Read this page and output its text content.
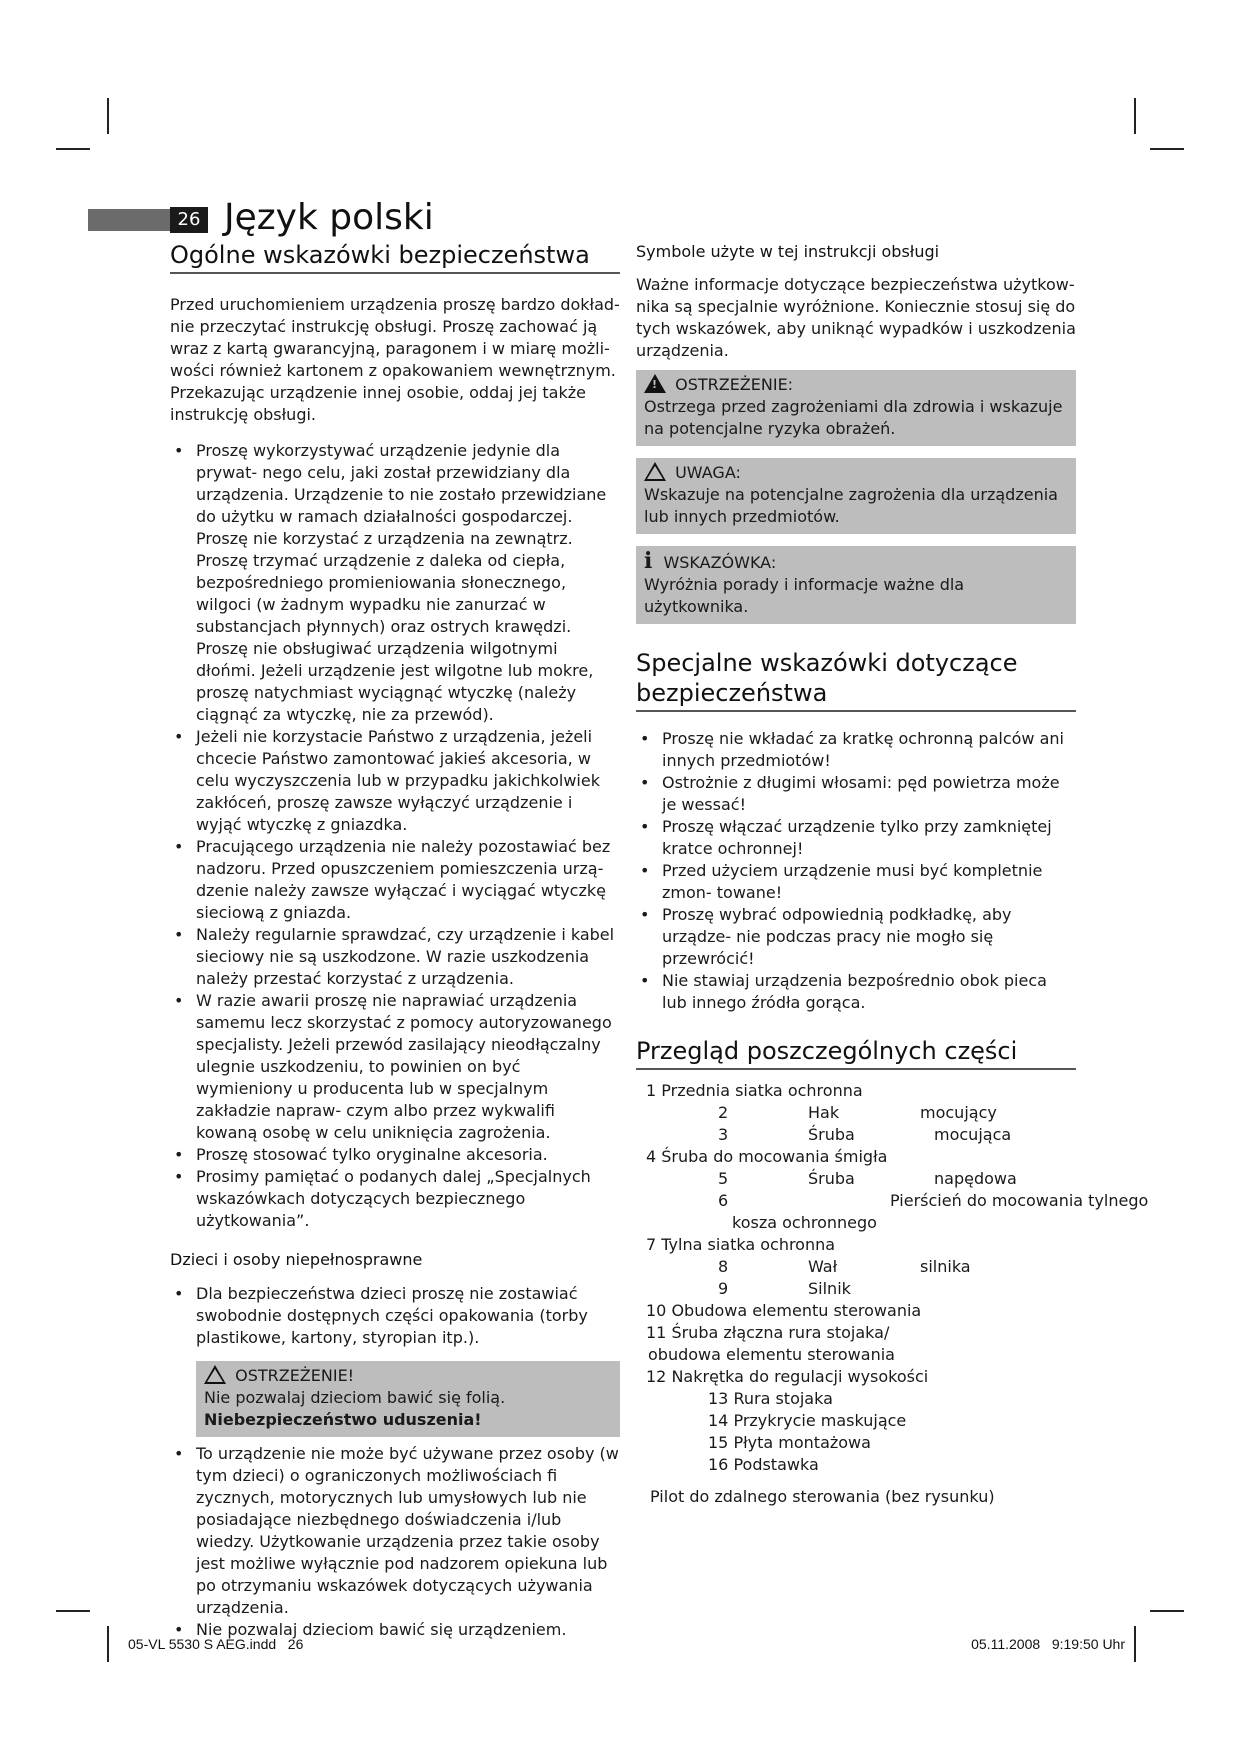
26 Język polski
Ogólne wskazówki bezpieczeństwa

Przed uruchomieniem urządzenia proszę bardzo dokład-

nie przeczytać instrukcję obsługi. Proszę zachować ją

wraz z kartą gwarancyjną, paragonem i w miarę możli-

wości również kartonem z opakowaniem wewnętrznym.

Przekazując urządzenie innej osobie, oddaj jej także

instrukcję obsługi.

• Proszę wykorzystywać urządzenie jedynie dla prywat- nego celu, jaki został przewidziany dla urządzenia. Urządzenie to nie zostało przewidziane do użytku w ramach działalności gospodarczej. Proszę nie korzystać z urządzenia na zewnątrz. Proszę trzymać urządzenie z daleka od ciepła, bezpośredniego promieniowania słonecznego, wilgoci (w żadnym wypadku nie zanurzać w substancjach płynnych) oraz ostrych krawędzi. Proszę nie obsługiwać urządzenia wilgotnymi dłońmi. Jeżeli urządzenie jest wilgotne lub mokre, proszę natychmiast wyciągnąć wtyczkę (należy ciągnąć za wtyczkę, nie za przewód).
• Jeżeli nie korzystacie Państwo z urządzenia, jeżeli chcecie Państwo zamontować jakieś akcesoria, w celu wyczyszczenia lub w przypadku jakichkolwiek zakłóceń, proszę zawsze wyłączyć urządzenie i wyjąć wtyczkę z gniazdka.
• Pracującego urządzenia nie należy pozostawiać bez nadzoru. Przed opuszczeniem pomieszczenia urzą- dzenie należy zawsze wyłączać i wyciągać wtyczkę sieciową z gniazda.
• Należy regularnie sprawdzać, czy urządzenie i kabel sieciowy nie są uszkodzone. W razie uszkodzenia należy przestać korzystać z urządzenia.
• W razie awarii proszę nie naprawiać urządzenia samemu lecz skorzystać z pomocy autoryzowanego specjalisty. Jeżeli przewód zasilający nieodłączalny ulegnie uszkodzeniu, to powinien on być wymieniony u producenta lub w specjalnym zakładzie napraw- czym albo przez wykwalifi kowaną osobę w celu uniknięcia zagrożenia.
• Proszę stosować tylko oryginalne akcesoria.
• Prosimy pamiętać o podanych dalej „Specjalnych wskazówkach dotyczących bezpiecznego użytkowania”.
Dzieci i osoby niepełnosprawne
• Dla bezpieczeństwa dzieci proszę nie zostawiać swobodnie dostępnych części opakowania (torby plastikowe, kartony, styropian itp.).
OSTRZEŻENIE!

Nie pozwalaj dzieciom bawić się folią.

Niebezpieczeństwo uduszenia!

• To urządzenie nie może być używane przez osoby (w tym dzieci) o ograniczonych możliwościach fi zycznych, motorycznych lub umysłowych lub nie posiadające niezbędnego doświadczenia i/lub wiedzy. Użytkowanie urządzenia przez takie osoby jest możliwe wyłącznie pod nadzorem opiekuna lub po otrzymaniu wskazówek dotyczących używania urządzenia.
• Nie pozwalaj dzieciom bawić się urządzeniem.
Symbole użyte w tej instrukcji obsługi

Ważne informacje dotyczące bezpieczeństwa użytkow- nika są specjalnie wyróżnione. Koniecznie stosuj się do tych wskazówek, aby uniknąć wypadków i uszkodzenia urządzenia.

! OSTRZEŻENIE:

Ostrzega przed zagrożeniami dla zdrowia i wskazuje na potencjalne ryzyka obrażeń.

UWAGA:

Wskazuje na potencjalne zagrożenia dla urządzenia lub innych przedmiotów.

i WSKAZÓWKA:

Wyróżnia porady i informacje ważne dla użytkownika.

Specjalne wskazówki dotyczące bezpieczeństwa
• Proszę nie wkładać za kratkę ochronną palców ani innych przedmiotów!
• Ostrożnie z długimi włosami: pęd powietrza może je wessać!
• Proszę włączać urządzenie tylko przy zamkniętej kratce ochronnej!
• Przed użyciem urządzenie musi być kompletnie zmon- towane!
• Proszę wybrać odpowiednią podkładkę, aby urządze- nie podczas pracy nie mogło się przewrócić!
• Nie stawiaj urządzenia bezpośrednio obok pieca lub innego źródła gorąca.
Przegląd poszczególnych części

1 Przednia siatka ochronna

2	Hak	mocujący

3	Śruba	mocująca

4 Śruba do mocowania śmigła

5	Śruba	napędowa

6	Pierścień do mocowania tylnego

kosza ochronnego

7 Tylna siatka ochronna

8	Wał	silnika

9	Silnik

10 Obudowa elementu sterowania

11 Śruba złączna rura stojaka/

obudowa elementu sterowania

12 Nakrętka do regulacji wysokości

13 Rura stojaka

14 Przykrycie maskujące

15 Płyta montażowa

16 Podstawka

Pilot do zdalnego sterowania (bez rysunku)

05-VL 5530 S AEG.indd   26	05.11.2008   9:19:50 Uhr
